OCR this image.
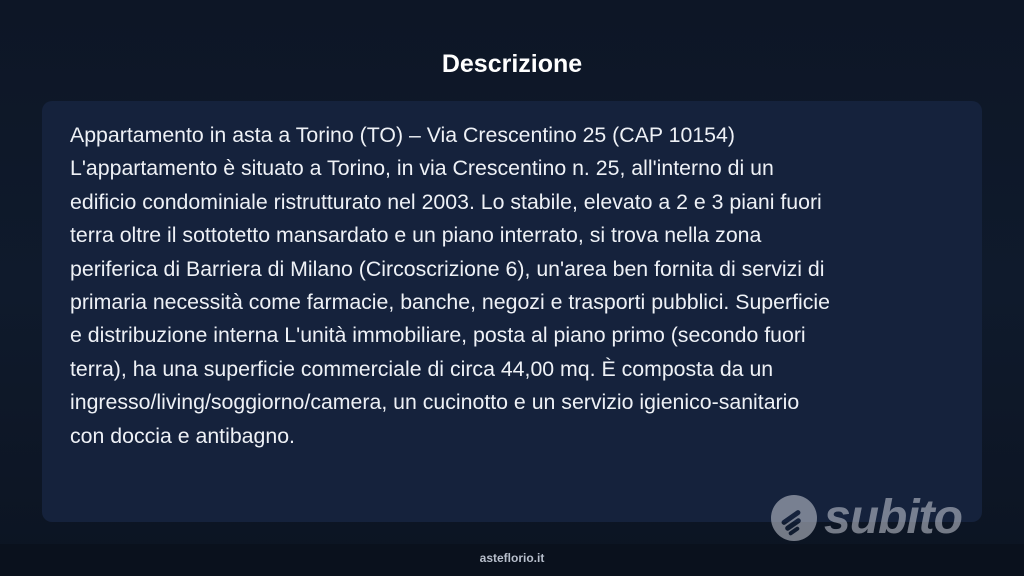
Descrizione

Appartamento in asta a Torino (TO) – Via Crescentino 25 (CAP 10154)
L'appartamento è situato a Torino, in via Crescentino n. 25, all'interno di un
edificio condominiale ristrutturato nel 2003. Lo stabile, elevato a 2 e 3 piani fuori
terra oltre il sottotetto mansardato e un piano interrato, si trova nella zona
periferica di Barriera di Milano (Circoscrizione 6), un'area ben fornita di servizi di
primaria necessità come farmacie, banche, negozi e trasporti pubblici. Superficie
e distribuzione interna L'unità immobiliare, posta al piano primo (secondo fuori
terra), ha una superficie commerciale di circa 44,00 mq. È composta da un
ingresso/living/soggiorno/camera, un cucinotto e un servizio igienico-sanitario
con doccia e antibagno.

subito
asteflorio.it
